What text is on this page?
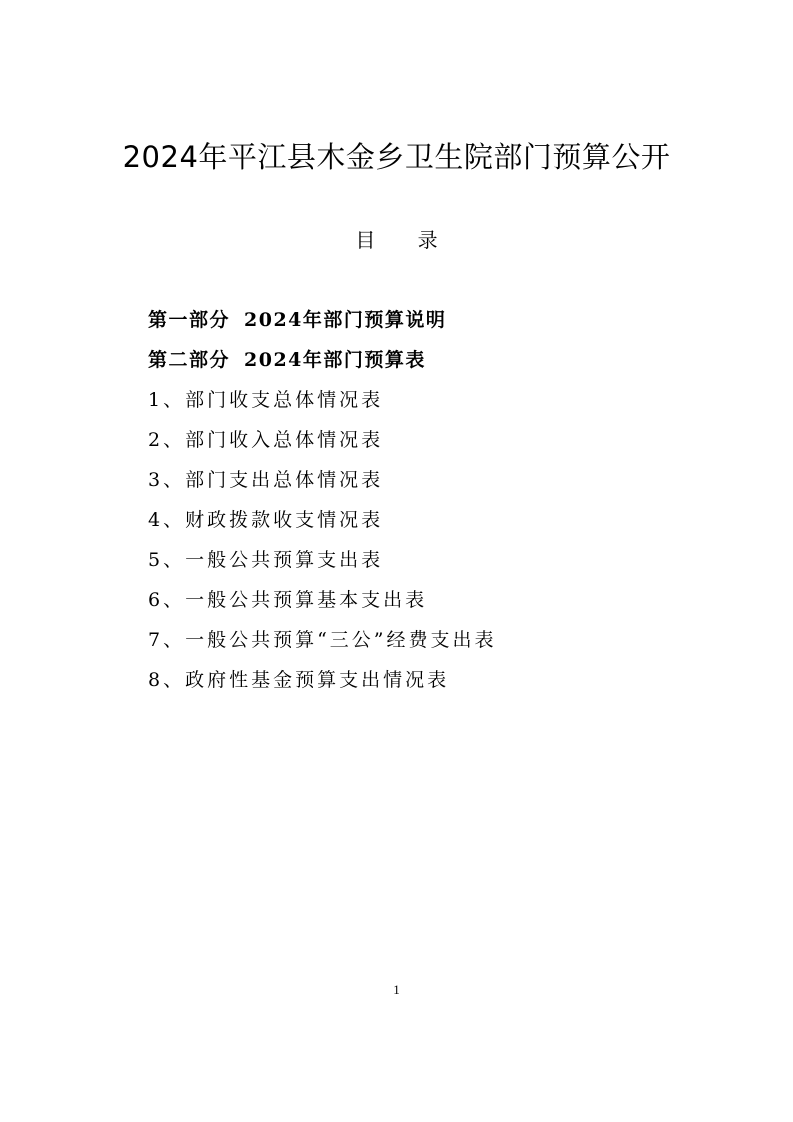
2024年平江县木金乡卫生院部门预算公开
目 录
第一部分 2024年部门预算说明
第二部分 2024年部门预算表
1、部门收支总体情况表
2、部门收入总体情况表
3、部门支出总体情况表
4、财政拨款收支情况表
5、一般公共预算支出表
6、一般公共预算基本支出表
7、一般公共预算“三公”经费支出表
8、政府性基金预算支出情况表
1
